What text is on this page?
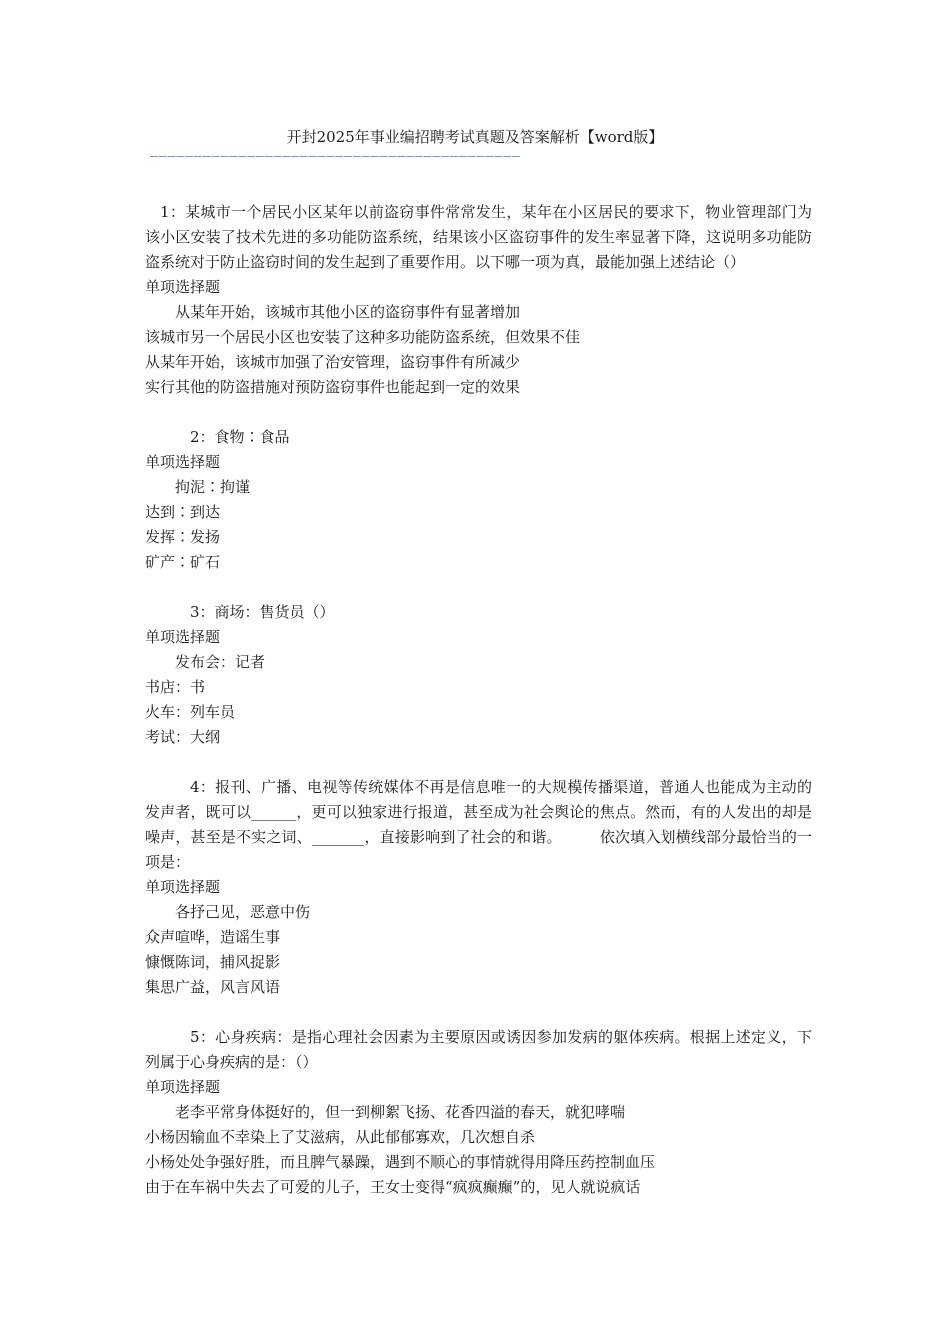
开封2025年事业编招聘考试真题及答案解析【word版】
——————————————————————————————————————————
1：某城市一个居民小区某年以前盗窃事件常常发生，某年在小区居民的要求下，物业管理部门为该小区安装了技术先进的多功能防盗系统，结果该小区盗窃事件的发生率显著下降，这说明多功能防盗系统对于防止盗窃时间的发生起到了重要作用。以下哪一项为真，最能加强上述结论（）
单项选择题
从某年开始，该城市其他小区的盗窃事件有显著增加
该城市另一个居民小区也安装了这种多功能防盗系统，但效果不佳
从某年开始，该城市加强了治安管理，盗窃事件有所减少
实行其他的防盗措施对预防盗窃事件也能起到一定的效果
2：食物∶食品
单项选择题
拘泥∶拘谨
达到∶到达
发挥∶发扬
矿产∶矿石
3：商场：售货员（）
单项选择题
发布会：记者
书店：书
火车：列车员
考试：大纲
4：报刊、广播、电视等传统媒体不再是信息唯一的大规模传播渠道，普通人也能成为主动的发声者，既可以______，更可以独家进行报道，甚至成为社会舆论的焦点。然而，有的人发出的却是噪声，甚至是不实之词、_______，直接影响到了社会的和谐。	依次填入划横线部分最恰当的一项是：
单项选择题
各抒己见，恶意中伤
众声喧哗，造谣生事
慷慨陈词，捕风捉影
集思广益，风言风语
5：心身疾病：是指心理社会因素为主要原因或诱因参加发病的躯体疾病。根据上述定义，下列属于心身疾病的是：（）
单项选择题
老李平常身体挺好的，但一到柳絮飞扬、花香四溢的春天，就犯哮喘
小杨因输血不幸染上了艾滋病，从此郁郁寡欢，几次想自杀
小杨处处争强好胜，而且脾气暴躁，遇到不顺心的事情就得用降压药控制血压
由于在车祸中失去了可爱的儿子，王女士变得“疯疯癫癫”的，见人就说疯话
